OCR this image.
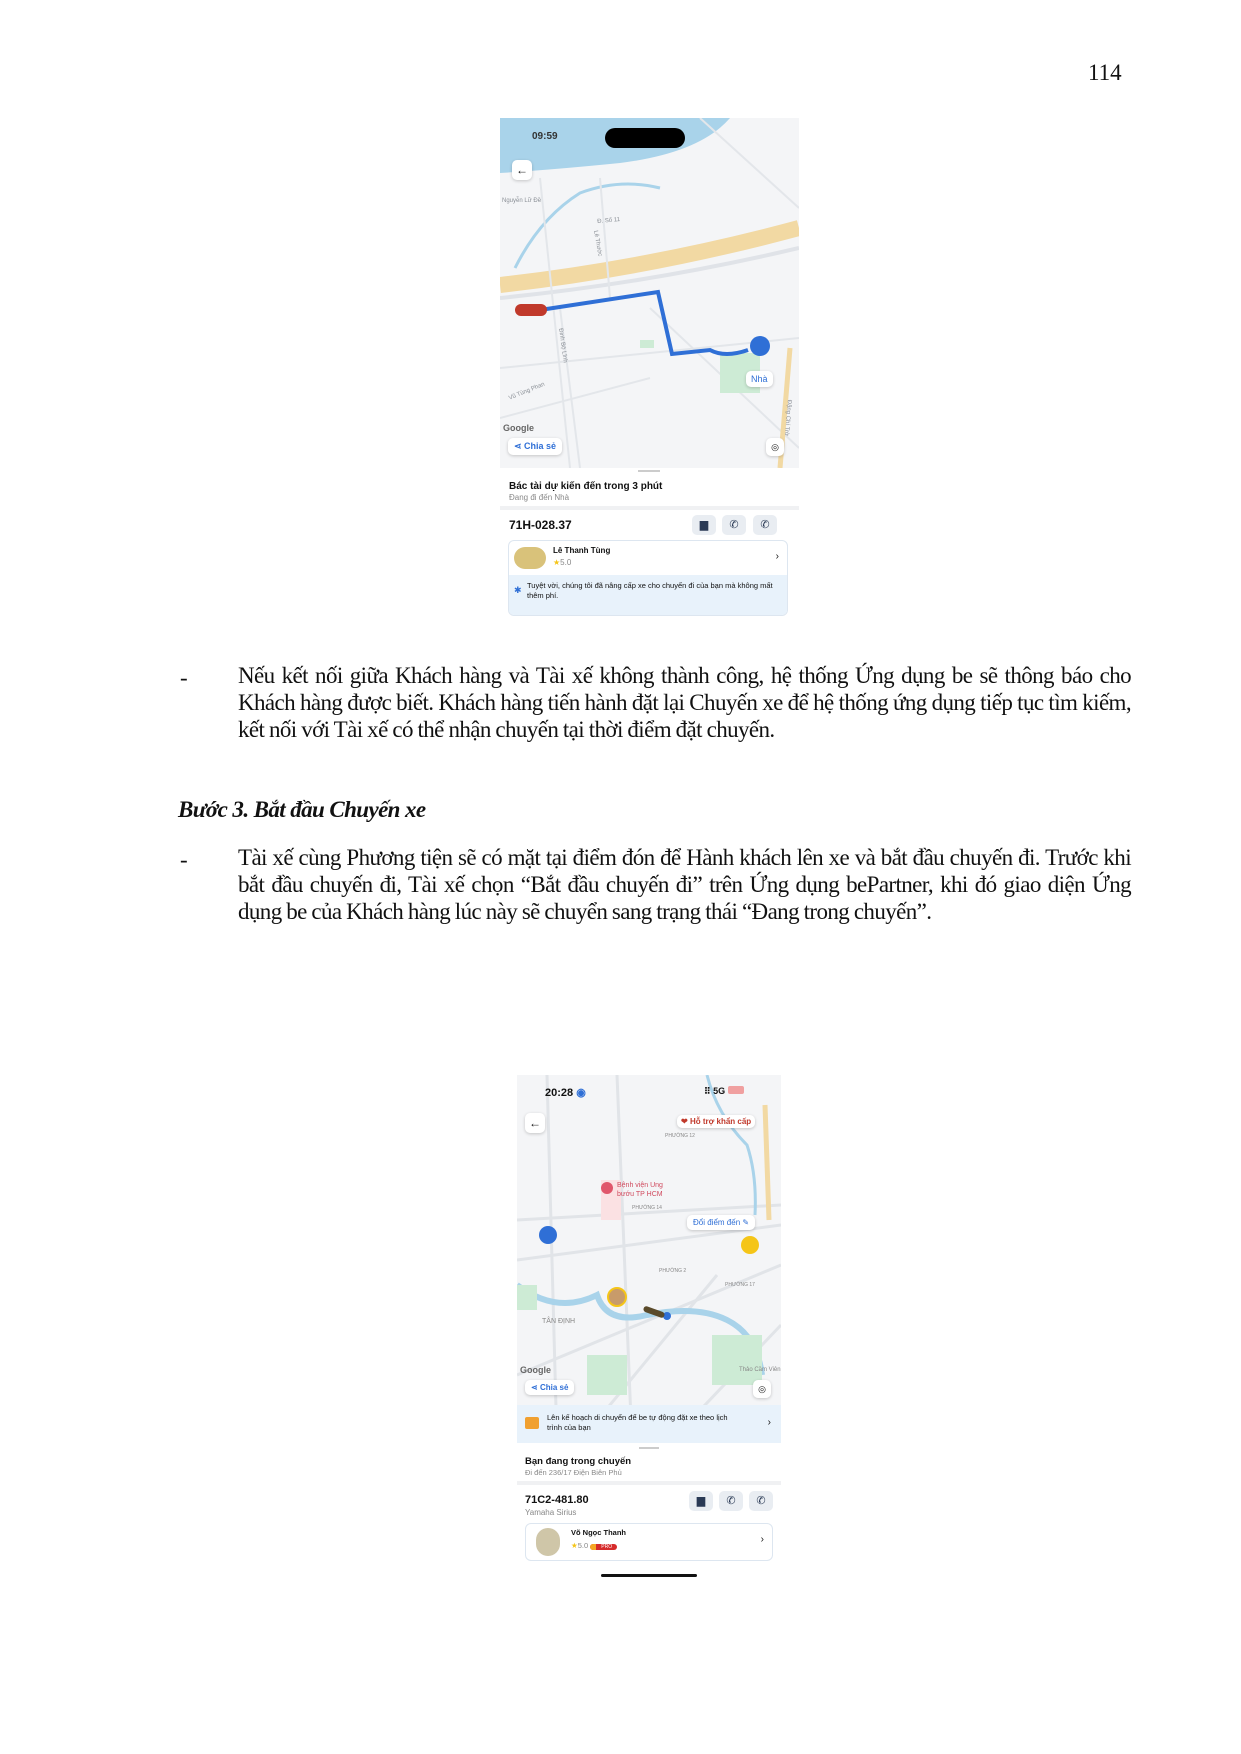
114
Nguyễn Lữ Đề
Đ. Số 11
Lê Thước
Vũ Tùng Phan
Đinh Bộ Lĩnh
Đặng Chí Trờ
09:59
←
Nhà
Google
⋖ Chia sẻ	◎
Bác tài dự kiến đến trong 3 phút
Đang đi đến Nhà
71H-028.37	▆	✆	✆
Lê Thanh Tùng
★5.0
›
✱ Tuyệt vời, chúng tôi đã nâng cấp xe cho chuyến đi của bạn mà không mất thêm phí.
- Nếu kết nối giữa Khách hàng và Tài xế không thành công, hệ thống Ứng dụng be sẽ thông báo cho Khách hàng được biết. Khách hàng tiến hành đặt lại Chuyến xe để hệ thống ứng dụng tiếp tục tìm kiếm, kết nối với Tài xế có thể nhận chuyến tại thời điểm đặt chuyến.
Bước 3. Bắt đầu Chuyến xe
- Tài xế cùng Phương tiện sẽ có mặt tại điểm đón để Hành khách lên xe và bắt đầu chuyến đi. Trước khi bắt đầu chuyến đi, Tài xế chọn “Bắt đầu chuyến đi” trên Ứng dụng bePartner, khi đó giao diện Ứng dụng be của Khách hàng lúc này sẽ chuyển sang trạng thái “Đang trong chuyến”.
20:28 ◉	⠿ 5G
←	❤ Hỗ trợ khẩn cấp
Bệnh viện Ung bướu TP HCM
PHƯỜNG 12
PHƯỜNG 14
PHƯỜNG 2
PHƯỜNG 17
TÂN ĐỊNH
Thảo Cầm Viên
Đổi điểm đến ✎
Google
⋖ Chia sẻ	◎
Lên kế hoạch di chuyển để be tự động đặt xe theo lịch trình của bạn	›
Bạn đang trong chuyến
Đi đến 236/17 Điện Biên Phủ
71C2-481.80
Yamaha Sirius
▆	✆	✆
Võ Ngọc Thanh
★5.0	PRO
›
